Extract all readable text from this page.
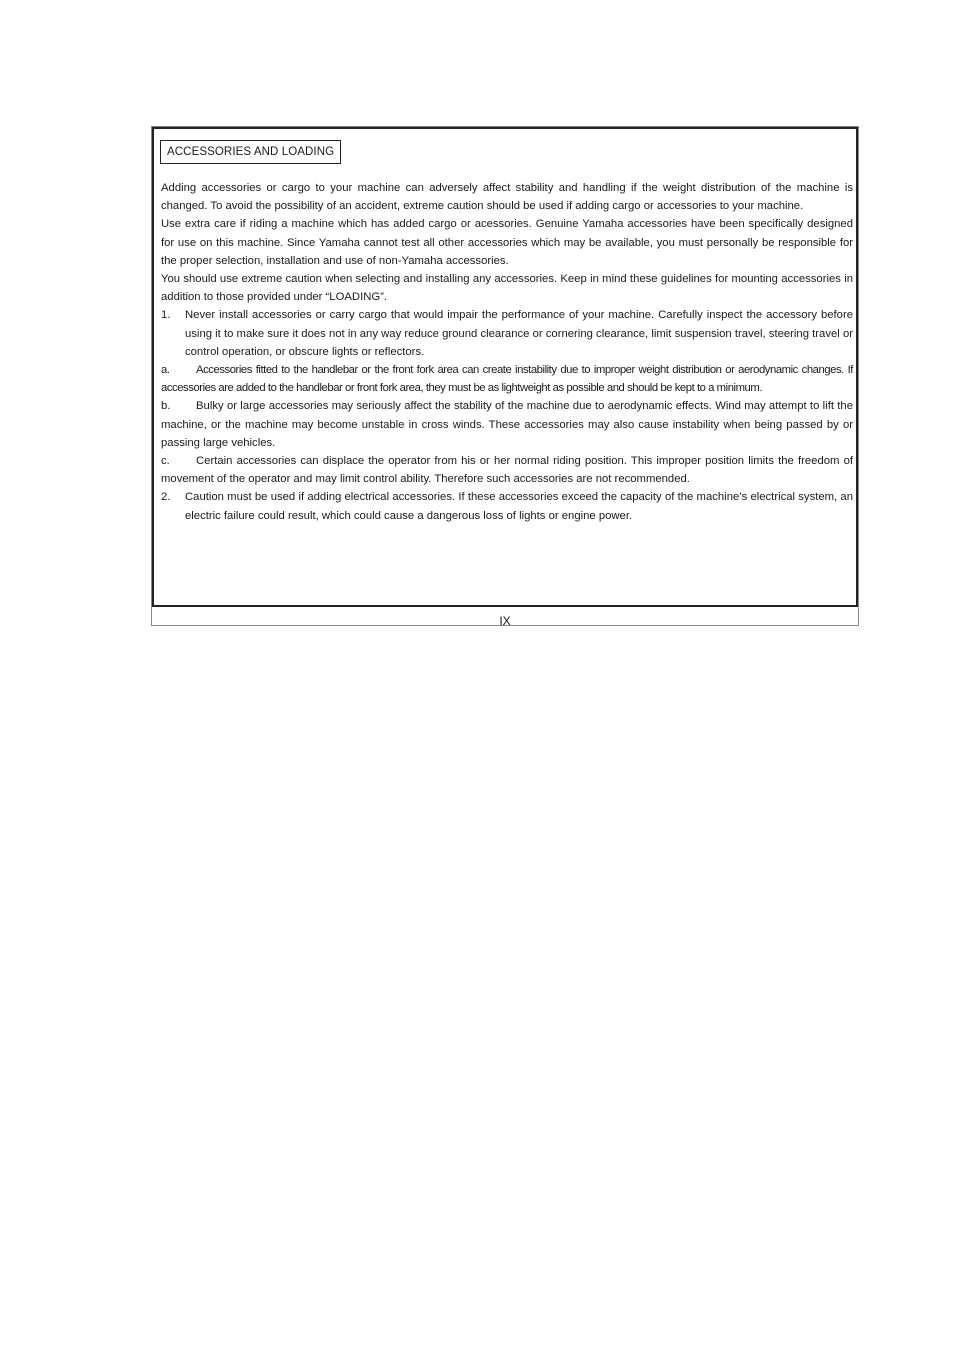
ACCESSORIES AND LOADING

Adding accessories or cargo to your machine can adversely affect stability and handling if the weight distribution of the machine is changed. To avoid the possibility of an accident, extreme caution should be used if adding cargo or accessories to your machine.

Use extra care if riding a machine which has added cargo or acessories. Genuine Yamaha accessories have been specifically designed for use on this machine. Since Yamaha cannot test all other accessories which may be available, you must personally be responsible for the proper selection, installation and use of non-Yamaha accessories.

You should use extreme caution when selecting and installing any accessories. Keep in mind these guidelines for mounting accessories in addition to those provided under “LOADING”.

1.	Never install accessories or carry cargo that would impair the performance of your machine. Carefully inspect the accessory before using it to make sure it does not in any way reduce ground clearance or cornering clearance, limit suspension travel, steering travel or control operation, or obscure lights or reflectors.

a. Accessories fitted to the handlebar or the front fork area can create instability due to improper weight distribution or aerodynamic changes. If accessories are added to the handlebar or front fork area, they must be as lightweight as possible and should be kept to a minimum.

b. Bulky or large accessories may seriously affect the stability of the machine due to aerodynamic effects. Wind may attempt to lift the machine, or the machine may become unstable in cross winds. These accessories may also cause instability when being passed by or passing large vehicles.

c. Certain accessories can displace the operator from his or her normal riding position. This improper position limits the freedom of movement of the operator and may limit control ability. Therefore such accessories are not recommended.

2.	Caution must be used if adding electrical accessories. If these accessories exceed the capacity of the machine’s electrical system, an electric failure could result, which could cause a dangerous loss of lights or engine power.
IX
